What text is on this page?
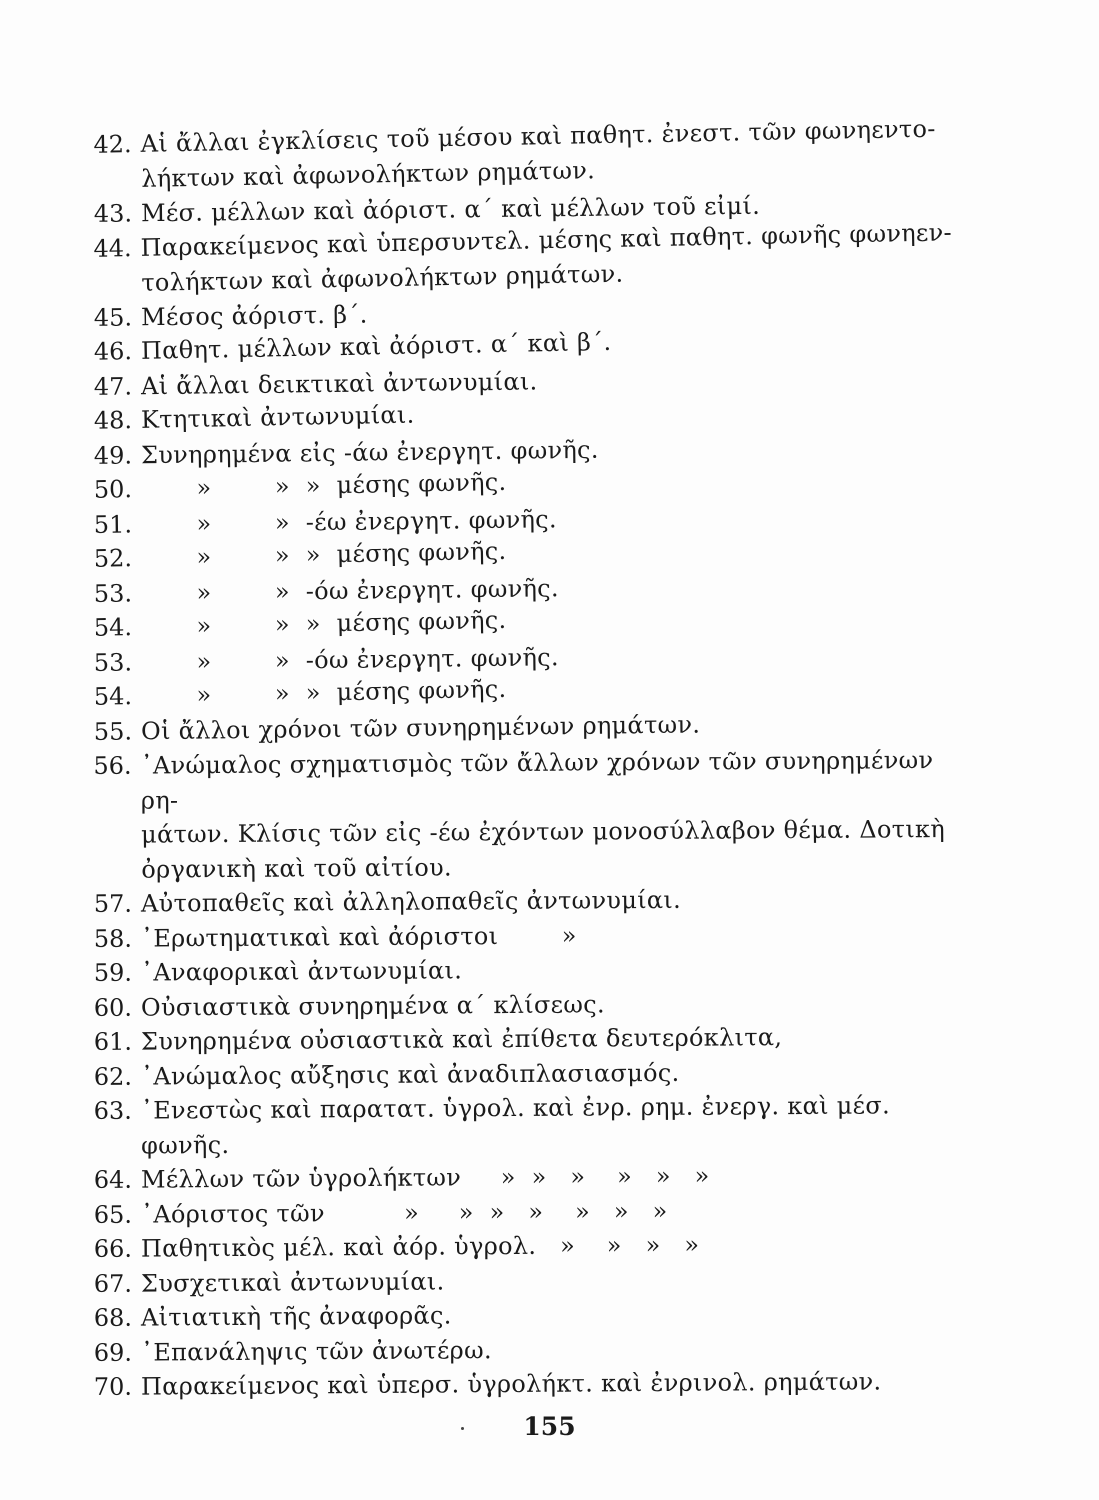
42. Αἱ ἄλλαι ἐγκλίσεις τοῦ μέσου καὶ παθητ. ἐνεστ. τῶν φωνηεντο-
λήκτων καὶ ἀφωνολήκτων ρημάτων.
43. Μέσ. μέλλων καὶ ἀόριστ. α΄ καὶ μέλλων τοῦ εἰμί.
44. Παρακείμενος καὶ ὑπερσυντελ. μέσης καὶ παθητ. φωνῆς φωνηεν-
τολήκτων καὶ ἀφωνολήκτων ρημάτων.
45. Μέσος ἀόριστ. β΄.
46. Παθητ. μέλλων καὶ ἀόριστ. α΄ καὶ β΄.
47. Αἱ ἄλλαι δεικτικαὶ ἀντωνυμίαι.
48. Κτητικαὶ ἀντωνυμίαι.
49. Συνηρημένα εἰς -άω ἐνεργητ. φωνῆς.
50. »        »  »  μέσης φωνῆς.
51. »        »  -έω ἐνεργητ. φωνῆς.
52. »        »  »  μέσης φωνῆς.
53. »        »  -όω ἐνεργητ. φωνῆς.
54. »        »  »  μέσης φωνῆς.
53. »        »  -όω ἐνεργητ. φωνῆς.
54. »        »  »  μέσης φωνῆς.
55. Οἱ ἄλλοι χρόνοι τῶν συνηρημένων ρημάτων.
56. ᾿Ανώμαλος σχηματισμὸς τῶν ἄλλων χρόνων τῶν συνηρημένων ρη-
μάτων. Κλίσις τῶν εἰς -έω ἐχόντων μονοσύλλαβον θέμα. Δοτικὴ
ὀργανικὴ καὶ τοῦ αἰτίου.
57. Αὐτοπαθεῖς καὶ ἀλληλοπαθεῖς ἀντωνυμίαι.
58. ᾿Ερωτηματικαὶ καὶ ἀόριστοι        »
59. ᾿Αναφορικαὶ ἀντωνυμίαι.
60. Οὐσιαστικὰ συνηρημένα α΄ κλίσεως.
61. Συνηρημένα οὐσιαστικὰ καὶ ἐπίθετα δευτερόκλιτα,
62. ᾿Ανώμαλος αὔξησις καὶ ἀναδιπλασιασμός.
63. ᾿Ενεστὼς καὶ παρατατ. ὑγρολ. καὶ ἐνρ. ρημ. ἐνεργ. καὶ μέσ. φωνῆς.
64. Μέλλων τῶν ὑγρολήκτων     »  »   »    »   »   »
65. ᾿Αόριστος τῶν          »     »  »   »    »   »   »
66. Παθητικὸς μέλ. καὶ ἀόρ. ὑγρολ.   »    »   »   »
67. Συσχετικαὶ ἀντωνυμίαι.
68. Αἰτιατικὴ τῆς ἀναφορᾶς.
69. ᾿Επανάληψις τῶν ἀνωτέρω.
70. Παρακείμενος καὶ ὑπερσ. ὑγρολήκτ. καὶ ἐνρινολ. ρημάτων.
155
